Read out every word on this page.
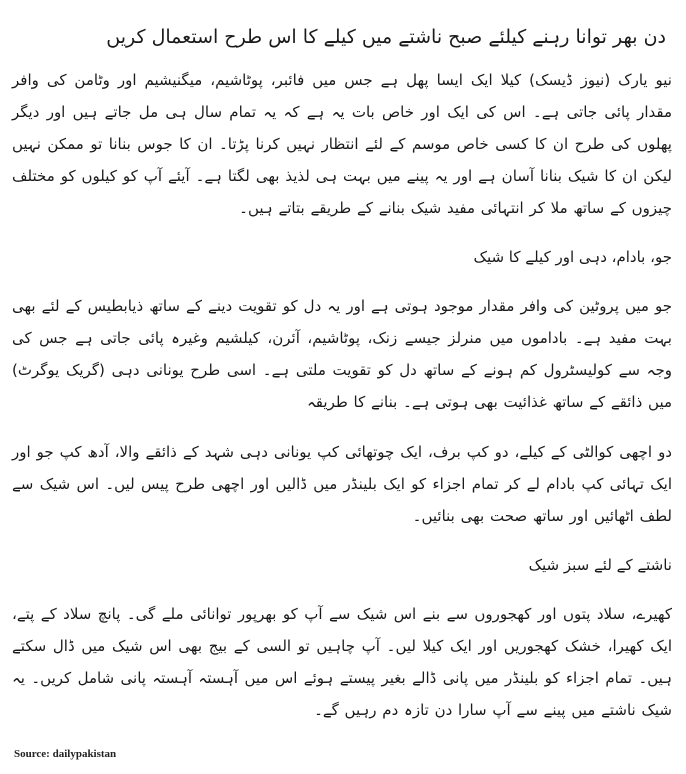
دن بھر توانا رہنے کیلئے صبح ناشتے میں کیلے کا اس طرح استعمال کریں

نیو یارک (نیوز ڈیسک) کیلا ایک ایسا پھل ہے جس میں فائبر، پوٹاشیم، میگنیشیم اور وٹامن کی وافر مقدار پائی جاتی ہے۔ اس کی ایک اور خاص بات یہ ہے کہ یہ تمام سال ہی مل جاتے ہیں اور دیگر پھلوں کی طرح ان کا کسی خاص موسم کے لئے انتظار نہیں کرنا پڑتا۔ ان کا جوس بنانا تو ممکن نہیں لیکن ان کا شیک بنانا آسان ہے اور یہ پینے میں بہت ہی لذیذ بھی لگتا ہے۔ آیئے آپ کو کیلوں کو مختلف چیزوں کے ساتھ ملا کر انتہائی مفید شیک بنانے کے طریقے بتاتے ہیں۔

جو، بادام، دہی اور کیلے کا شیک

جو میں پروٹین کی وافر مقدار موجود ہوتی ہے اور یہ دل کو تقویت دینے کے ساتھ ذیابطیس کے لئے بھی بہت مفید ہے۔ باداموں میں منرلز جیسے زنک، پوٹاشیم، آئرن، کیلشیم وغیرہ پائی جاتی ہے جس کی وجہ سے کولیسٹرول کم ہونے کے ساتھ دل کو تقویت ملتی ہے۔ اسی طرح یونانی دہی (گریک یوگرٹ) میں ذائقے کے ساتھ غذائیت بھی ہوتی ہے۔ بنانے کا طریقہ

دو اچھی کوالٹی کے کیلے، دو کپ برف، ایک چوتھائی کپ یونانی دہی شہد کے ذائقے والا، آدھ کپ جو اور ایک تہائی کپ بادام لے کر تمام اجزاء کو ایک بلینڈر میں ڈالیں اور اچھی طرح پیس لیں۔ اس شیک سے لطف اٹھائیں اور ساتھ صحت بھی بنائیں۔

ناشتے کے لئے سبز شیک

کھیرے، سلاد پتوں اور کھجوروں سے بنے اس شیک سے آپ کو بھرپور توانائی ملے گی۔ پانچ سلاد کے پتے، ایک کھیرا، خشک کھجوریں اور ایک کیلا لیں۔ آپ چاہیں تو السی کے بیج بھی اس شیک میں ڈال سکتے ہیں۔ تمام اجزاء کو بلینڈر میں پانی ڈالے بغیر پیستے ہوئے اس میں آہستہ آہستہ پانی شامل کریں۔ یہ شیک ناشتے میں پینے سے آپ سارا دن تازہ دم رہیں گے۔

Source: dailypakistan
